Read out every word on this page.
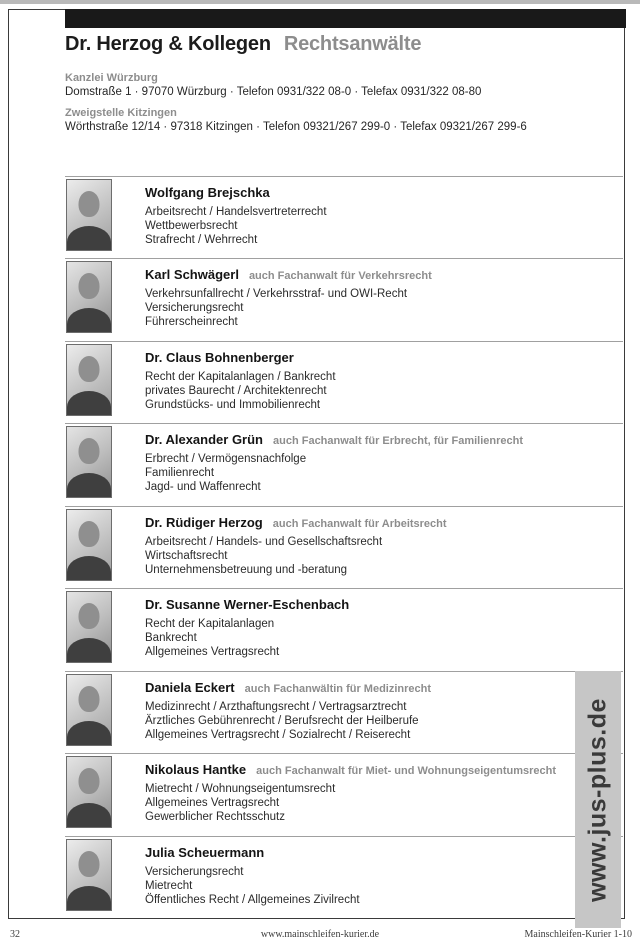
Dr. Herzog & Kollegen Rechtsanwälte
Kanzlei Würzburg
Domstraße 1 · 97070 Würzburg · Telefon 0931/322 08-0 · Telefax 0931/322 08-80
Zweigstelle Kitzingen
Wörthstraße 12/14 · 97318 Kitzingen · Telefon 09321/267 299-0 · Telefax 09321/267 299-6
Wolfgang Brejschka
Arbeitsrecht / Handelsvertreterrecht
Wettbewerbsrecht
Strafrecht / Wehrrecht
Karl Schwägerl auch Fachanwalt für Verkehrsrecht
Verkehrsunfallrecht / Verkehrsstraf- und OWI-Recht
Versicherungsrecht
Führerscheinrecht
Dr. Claus Bohnenberger
Recht der Kapitalanlagen / Bankrecht
privates Baurecht / Architektenrecht
Grundstücks- und Immobilienrecht
Dr. Alexander Grün auch Fachanwalt für Erbrecht, für Familienrecht
Erbrecht / Vermögensnachfolge
Familienrecht
Jagd- und Waffenrecht
Dr. Rüdiger Herzog auch Fachanwalt für Arbeitsrecht
Arbeitsrecht / Handels- und Gesellschaftsrecht
Wirtschaftsrecht
Unternehmensbetreuung und -beratung
Dr. Susanne Werner-Eschenbach
Recht der Kapitalanlagen
Bankrecht
Allgemeines Vertragsrecht
Daniela Eckert auch Fachanwältin für Medizinrecht
Medizinrecht / Arzthaftungsrecht / Vertragsarztrecht
Ärztliches Gebührenrecht / Berufsrecht der Heilberufe
Allgemeines Vertragsrecht / Sozialrecht / Reiserecht
Nikolaus Hantke auch Fachanwalt für Miet- und Wohnungseigentumsrecht
Mietrecht / Wohnungseigentumsrecht
Allgemeines Vertragsrecht
Gewerblicher Rechtsschutz
Julia Scheuermann
Versicherungsrecht
Mietrecht
Öffentliches Recht / Allgemeines Zivilrecht	www.jus-plus.de
32	www.mainschleifen-kurier.de	Mainschleifen-Kurier 1-10
